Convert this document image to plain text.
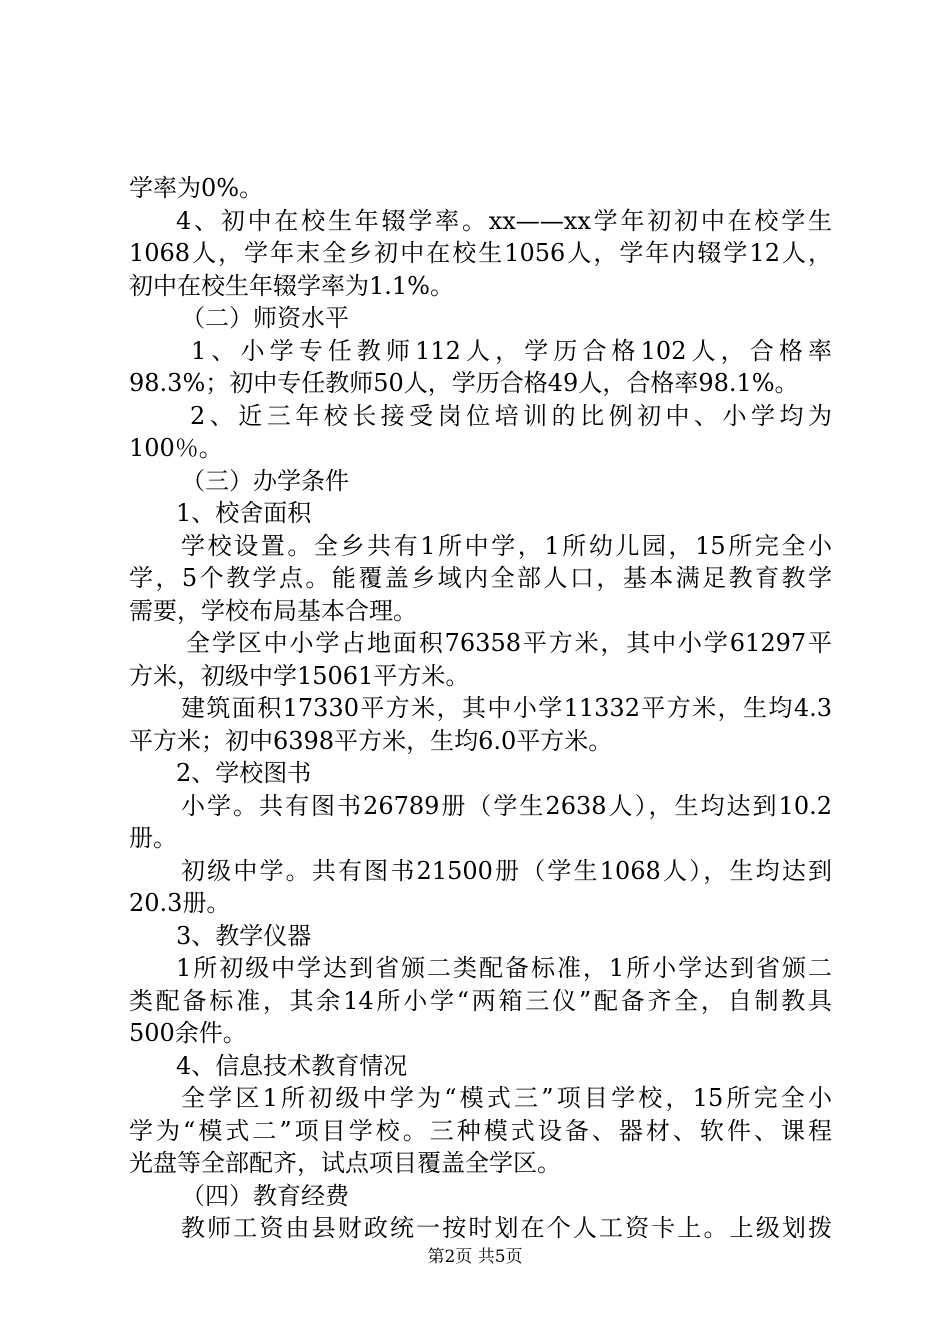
学率为0%。
4、初中在校生年辍学率。xx——xx学年初初中在校学生
1068人，学年末全乡初中在校生1056人，学年内辍学12人，
初中在校生年辍学率为1.1%。
（二）师资水平
1、小学专任教师112人，学历合格102人，合格率
98.3%；初中专任教师50人，学历合格49人，合格率98.1%。
2、近三年校长接受岗位培训的比例初中、小学均为
100％。
（三）办学条件
1、校舍面积
学校设置。全乡共有1所中学，1所幼儿园，15所完全小
学，5个教学点。能覆盖乡域内全部人口，基本满足教育教学
需要，学校布局基本合理。
全学区中小学占地面积76358平方米，其中小学61297平
方米，初级中学15061平方米。
建筑面积17330平方米，其中小学11332平方米，生均4.3
平方米；初中6398平方米，生均6.0平方米。
2、学校图书
小学。共有图书26789册（学生2638人），生均达到10.2
册。
初级中学。共有图书21500册（学生1068人），生均达到
20.3册。
3、教学仪器
1所初级中学达到省颁二类配备标准，1所小学达到省颁二
类配备标准，其余14所小学“两箱三仪”配备齐全，自制教具
500余件。
4、信息技术教育情况
全学区1所初级中学为“模式三”项目学校，15所完全小
学为“模式二”项目学校。三种模式设备、器材、软件、课程
光盘等全部配齐，试点项目覆盖全学区。
（四）教育经费
教师工资由县财政统一按时划在个人工资卡上。上级划拨
第2页 共5页
